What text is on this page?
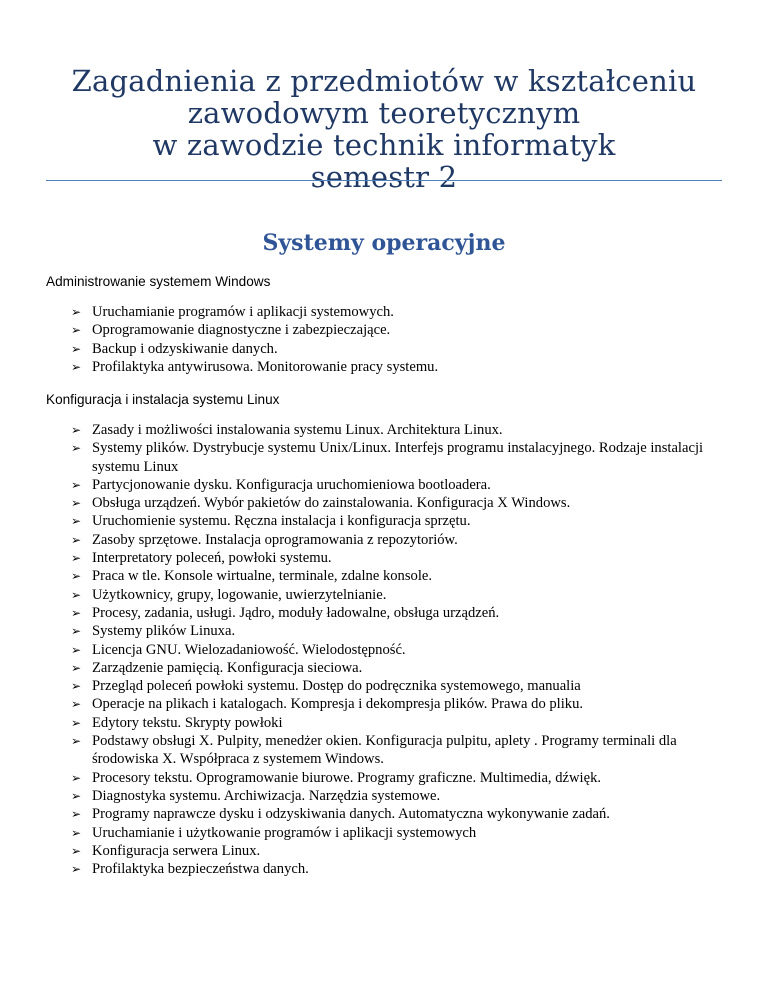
Zagadnienia z przedmiotów w kształceniu
zawodowym teoretycznym
w zawodzie technik informatyk
semestr 2
Systemy operacyjne
Administrowanie systemem Windows
➢ Uruchamianie programów i aplikacji systemowych.
➢ Oprogramowanie diagnostyczne i zabezpieczające.
➢ Backup i odzyskiwanie danych.
➢ Profilaktyka antywirusowa. Monitorowanie pracy systemu.
Konfiguracja i instalacja systemu Linux
➢ Zasady i możliwości instalowania systemu Linux. Architektura Linux.
➢ Systemy plików. Dystrybucje systemu Unix/Linux. Interfejs programu instalacyjnego. Rodzaje instalacji systemu Linux
➢ Partycjonowanie dysku. Konfiguracja uruchomieniowa bootloadera.
➢ Obsługa urządzeń. Wybór pakietów do zainstalowania. Konfiguracja X Windows.
➢ Uruchomienie systemu. Ręczna instalacja i konfiguracja sprzętu.
➢ Zasoby sprzętowe. Instalacja oprogramowania z repozytoriów.
➢ Interpretatory poleceń, powłoki systemu.
➢ Praca w tle. Konsole wirtualne, terminale, zdalne konsole.
➢ Użytkownicy, grupy, logowanie, uwierzytelnianie.
➢ Procesy, zadania, usługi. Jądro, moduły ładowalne, obsługa urządzeń.
➢ Systemy plików Linuxa.
➢ Licencja GNU. Wielozadaniowość. Wielodostępność.
➢ Zarządzenie pamięcią. Konfiguracja sieciowa.
➢ Przegląd poleceń powłoki systemu. Dostęp do podręcznika systemowego, manualia
➢ Operacje na plikach i katalogach. Kompresja i dekompresja plików. Prawa do pliku.
➢ Edytory tekstu. Skrypty powłoki
➢ Podstawy obsługi X. Pulpity, menedżer okien. Konfiguracja pulpitu, aplety . Programy terminali dla środowiska X. Współpraca z systemem Windows.
➢ Procesory tekstu. Oprogramowanie biurowe. Programy graficzne. Multimedia, dźwięk.
➢ Diagnostyka systemu. Archiwizacja. Narzędzia systemowe.
➢ Programy naprawcze dysku i odzyskiwania danych. Automatyczna wykonywanie zadań.
➢ Uruchamianie i użytkowanie programów i aplikacji systemowych
➢ Konfiguracja serwera Linux.
➢ Profilaktyka bezpieczeństwa danych.
